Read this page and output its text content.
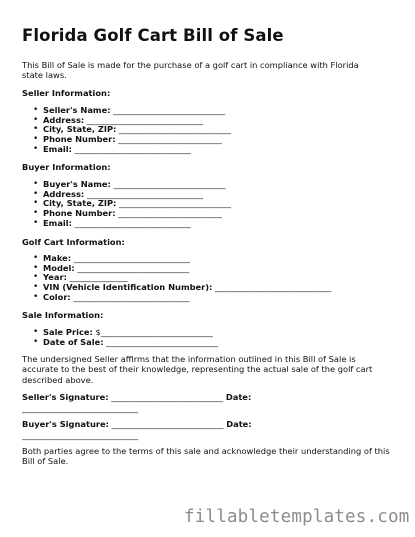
Florida Golf Cart Bill of Sale

This Bill of Sale is made for the purchase of a golf cart in compliance with Florida state laws.

Seller Information:
• Seller's Name: ___________________________
• Address: ____________________________
• City, State, ZIP: ___________________________
• Phone Number: _________________________
• Email: ____________________________
Buyer Information:
• Buyer's Name: ___________________________
• Address: ____________________________
• City, State, ZIP: ___________________________
• Phone Number: _________________________
• Email: ____________________________
Golf Cart Information:
• Make: ____________________________
• Model: ___________________________
• Year: ______________
• VIN (Vehicle Identification Number): ____________________________
• Color: ____________________________
Sale Information:
• Sale Price: $___________________________
• Date of Sale: ___________________________

The undersigned Seller affirms that the information outlined in this Bill of Sale is accurate to the best of their knowledge, representing the actual sale of the golf cart described above.

Seller's Signature: ___________________________ Date:
____________________________
Buyer's Signature: ___________________________ Date:
____________________________

Both parties agree to the terms of this sale and acknowledge their understanding of this Bill of Sale.

fillabletemplates.com
